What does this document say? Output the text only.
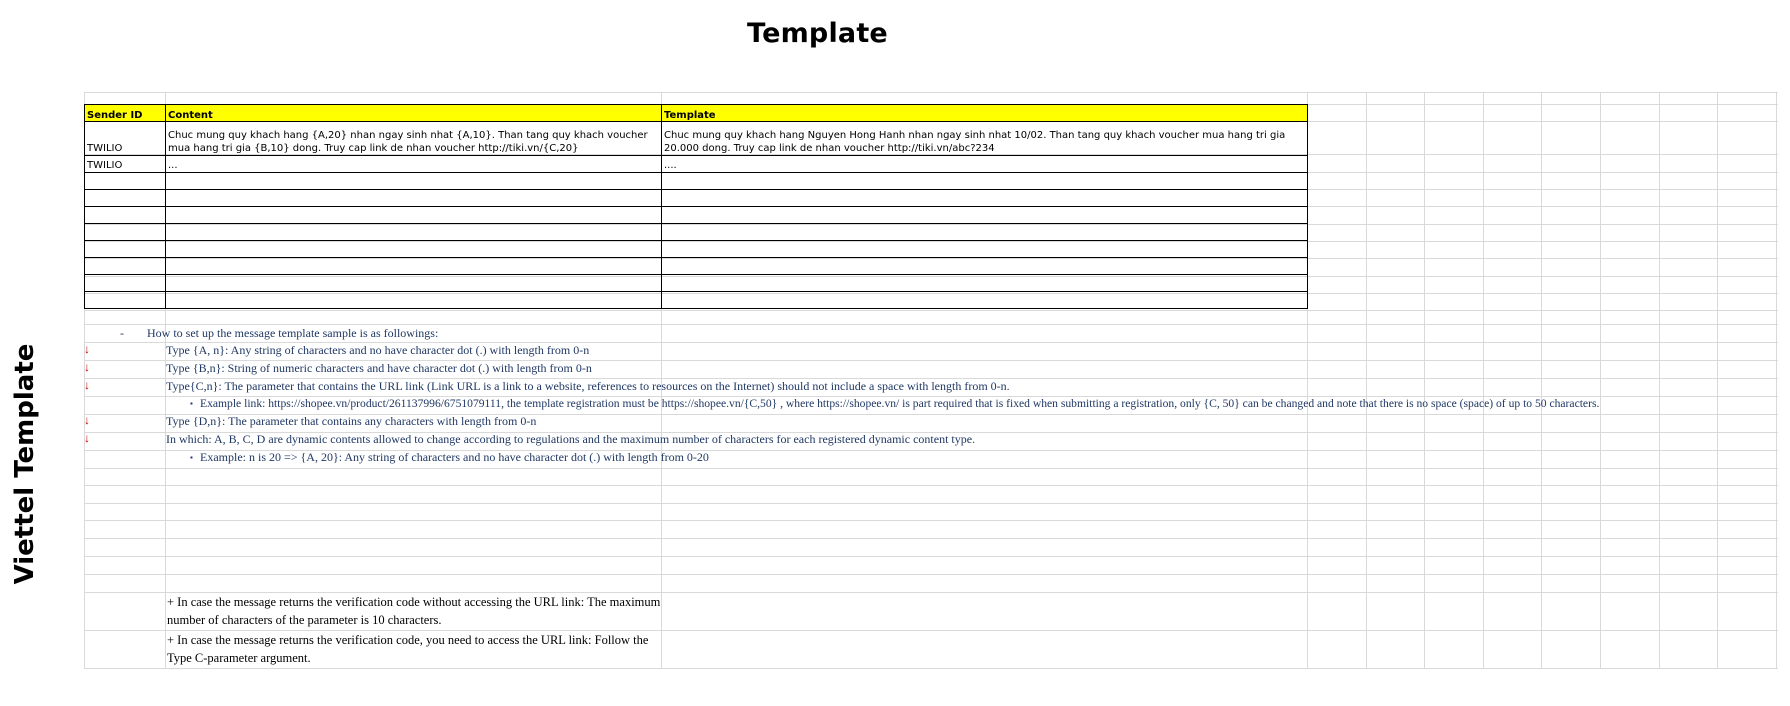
Template
Viettel Template
Sender ID	Content	Template
TWILIO	Chuc mung quy khach hang {A,20} nhan ngay sinh nhat {A,10}. Than tang quy khach voucher mua hang tri gia {B,10} dong. Truy cap link de nhan voucher http://tiki.vn/{C,20}	Chuc mung quy khach hang Nguyen Hong Hanh nhan ngay sinh nhat 10/02. Than tang quy khach voucher mua hang tri gia 20.000 dong. Truy cap link de nhan voucher http://tiki.vn/abc?234
TWILIO	...	....

- How to set up the message template sample is as followings:
↓	Type {A, n}: Any string of characters and no have character dot (.) with length from 0-n
↓	Type {B,n}: String of numeric characters and have character dot (.) with length from 0-n
↓	Type{C,n}: The parameter that contains the URL link (Link URL is a link to a website, references to resources on the Internet) should not include a space with length from 0-n.
▪ Example link: https://shopee.vn/product/261137996/6751079111, the template registration must be https://shopee.vn/{C,50} , where https://shopee.vn/ is part required that is fixed when submitting a registration, only {C, 50} can be changed and note that there is no space (space) of up to 50 characters.
↓	Type {D,n}: The parameter that contains any characters with length from 0-n
↓	In which: A, B, C, D are dynamic contents allowed to change according to regulations and the maximum number of characters for each registered dynamic content type.
▪ Example: n is 20 => {A, 20}: Any string of characters and no have character dot (.) with length from 0-20
+ In case the message returns the verification code without accessing the URL link: The maximum number of characters of the parameter is 10 characters.
+ In case the message returns the verification code, you need to access the URL link: Follow the Type C-parameter argument.
